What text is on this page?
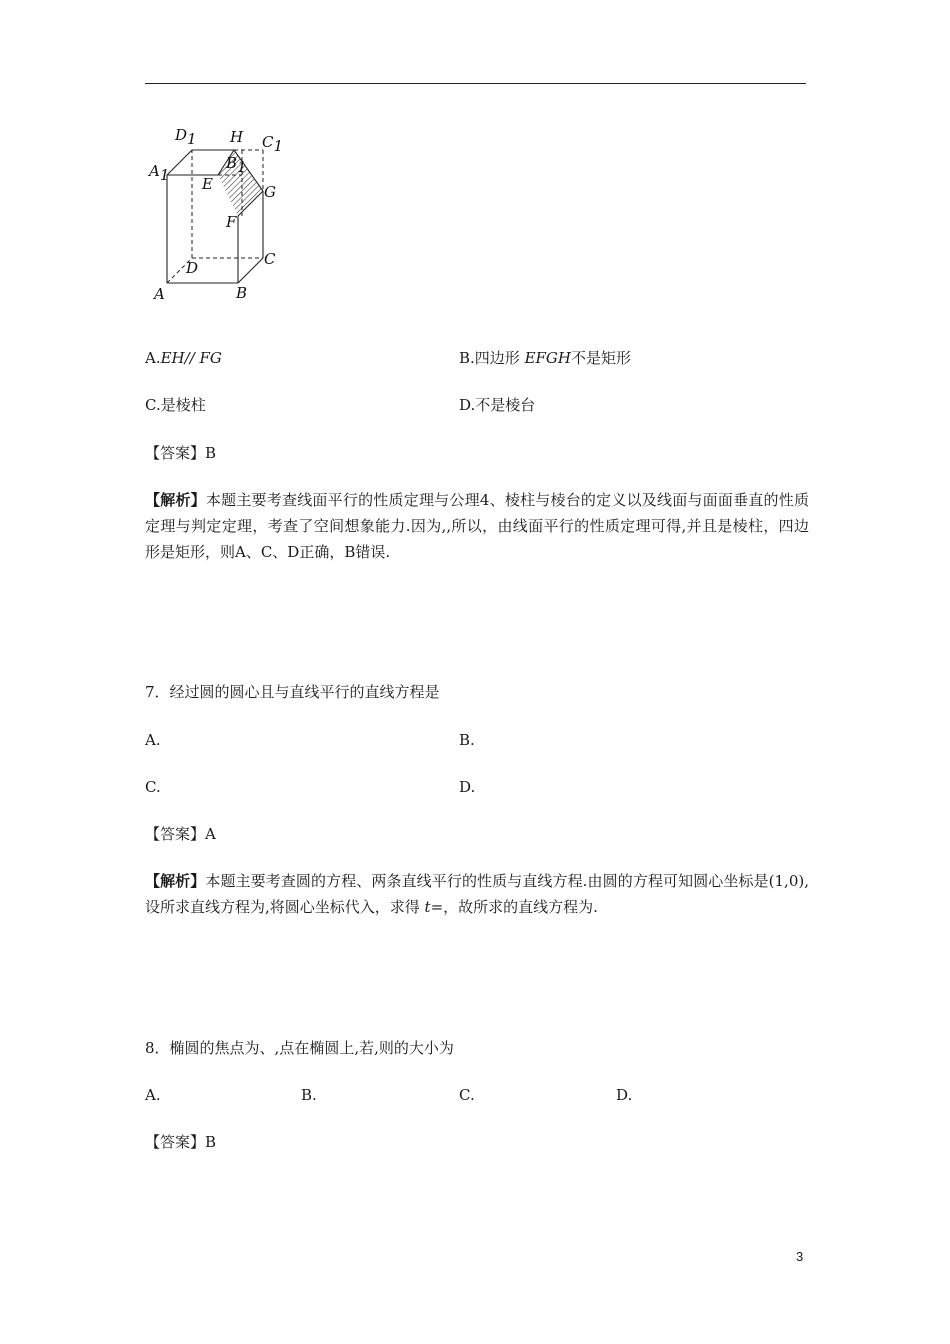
D1 H C1
A1
B1
E	G
F
D	C
A	B
A.EH// FG	B.四边形 EFGH不是矩形
C.是棱柱	D.不是棱台
【答案】B
【解析】本题主要考查线面平行的性质定理与公理4、棱柱与棱台的定义以及线面与面面垂直的性质定理与判定定理，考查了空间想象能力.因为,,所以，由线面平行的性质定理可得,并且是棱柱，四边形是矩形，则A、C、D正确，B错误.
7．经过圆的圆心且与直线平行的直线方程是
A.	B.
C.	D.
【答案】A
【解析】本题主要考查圆的方程、两条直线平行的性质与直线方程.由圆的方程可知圆心坐标是(1,0),设所求直线方程为,将圆心坐标代入，求得 t=，故所求的直线方程为.
8．椭圆的焦点为、,点在椭圆上,若,则的大小为
A.	B.	C.	D.
【答案】B
3
